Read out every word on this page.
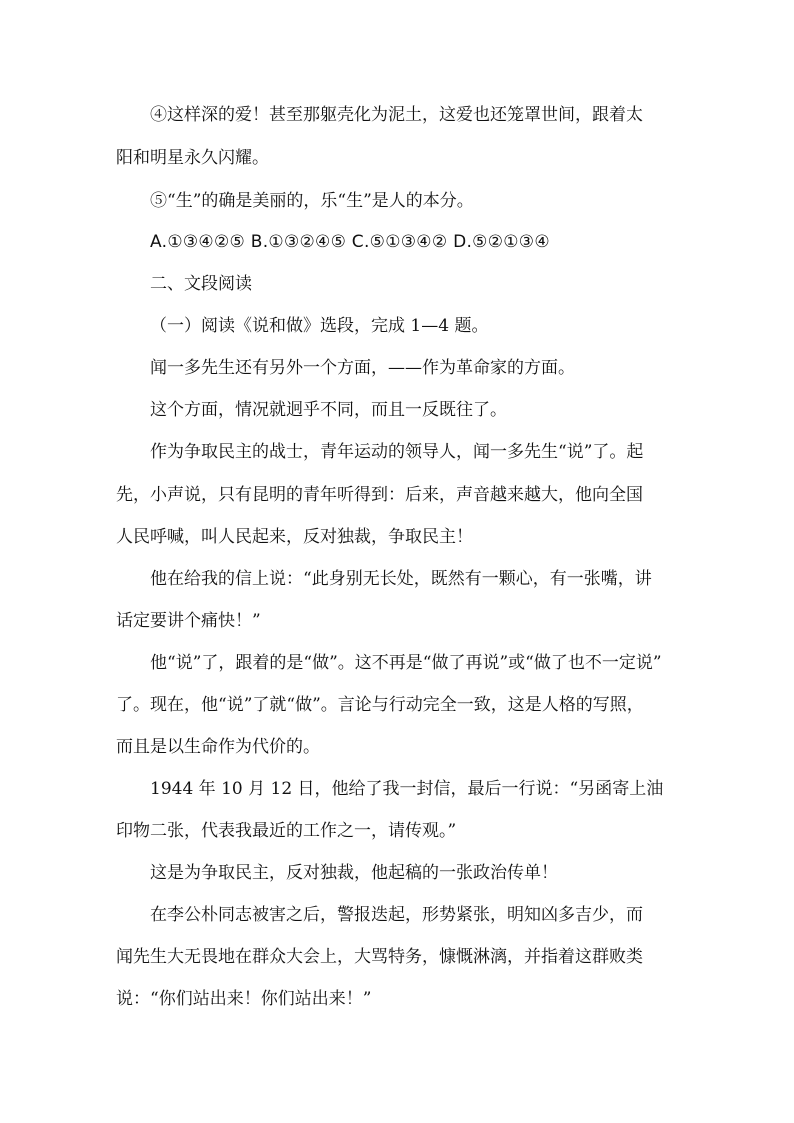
④这样深的爱！甚至那躯壳化为泥土，这爱也还笼罩世间，跟着太
阳和明星永久闪耀。
⑤“生”的确是美丽的，乐“生”是人的本分。
A.①③④②⑤ B.①③②④⑤ C.⑤①③④② D.⑤②①③④
二、文段阅读
（一）阅读《说和做》选段，完成 1—4 题。
闻一多先生还有另外一个方面，——作为革命家的方面。
这个方面，情况就迥乎不同，而且一反既往了。
作为争取民主的战士，青年运动的领导人，闻一多先生“说”了。起
先，小声说，只有昆明的青年听得到：后来，声音越来越大，他向全国
人民呼喊，叫人民起来，反对独裁，争取民主！
他在给我的信上说：“此身别无长处，既然有一颗心，有一张嘴，讲
话定要讲个痛快！”
他“说”了，跟着的是“做”。这不再是“做了再说”或“做了也不一定说”
了。现在，他“说”了就“做”。言论与行动完全一致，这是人格的写照，
而且是以生命作为代价的。
1944 年 10 月 12 日，他给了我一封信，最后一行说：“另函寄上油
印物二张，代表我最近的工作之一，请传观。”
这是为争取民主，反对独裁，他起稿的一张政治传单！
在李公朴同志被害之后，警报迭起，形势紧张，明知凶多吉少，而
闻先生大无畏地在群众大会上，大骂特务，慷慨淋漓，并指着这群败类
说：“你们站出来！你们站出来！”
